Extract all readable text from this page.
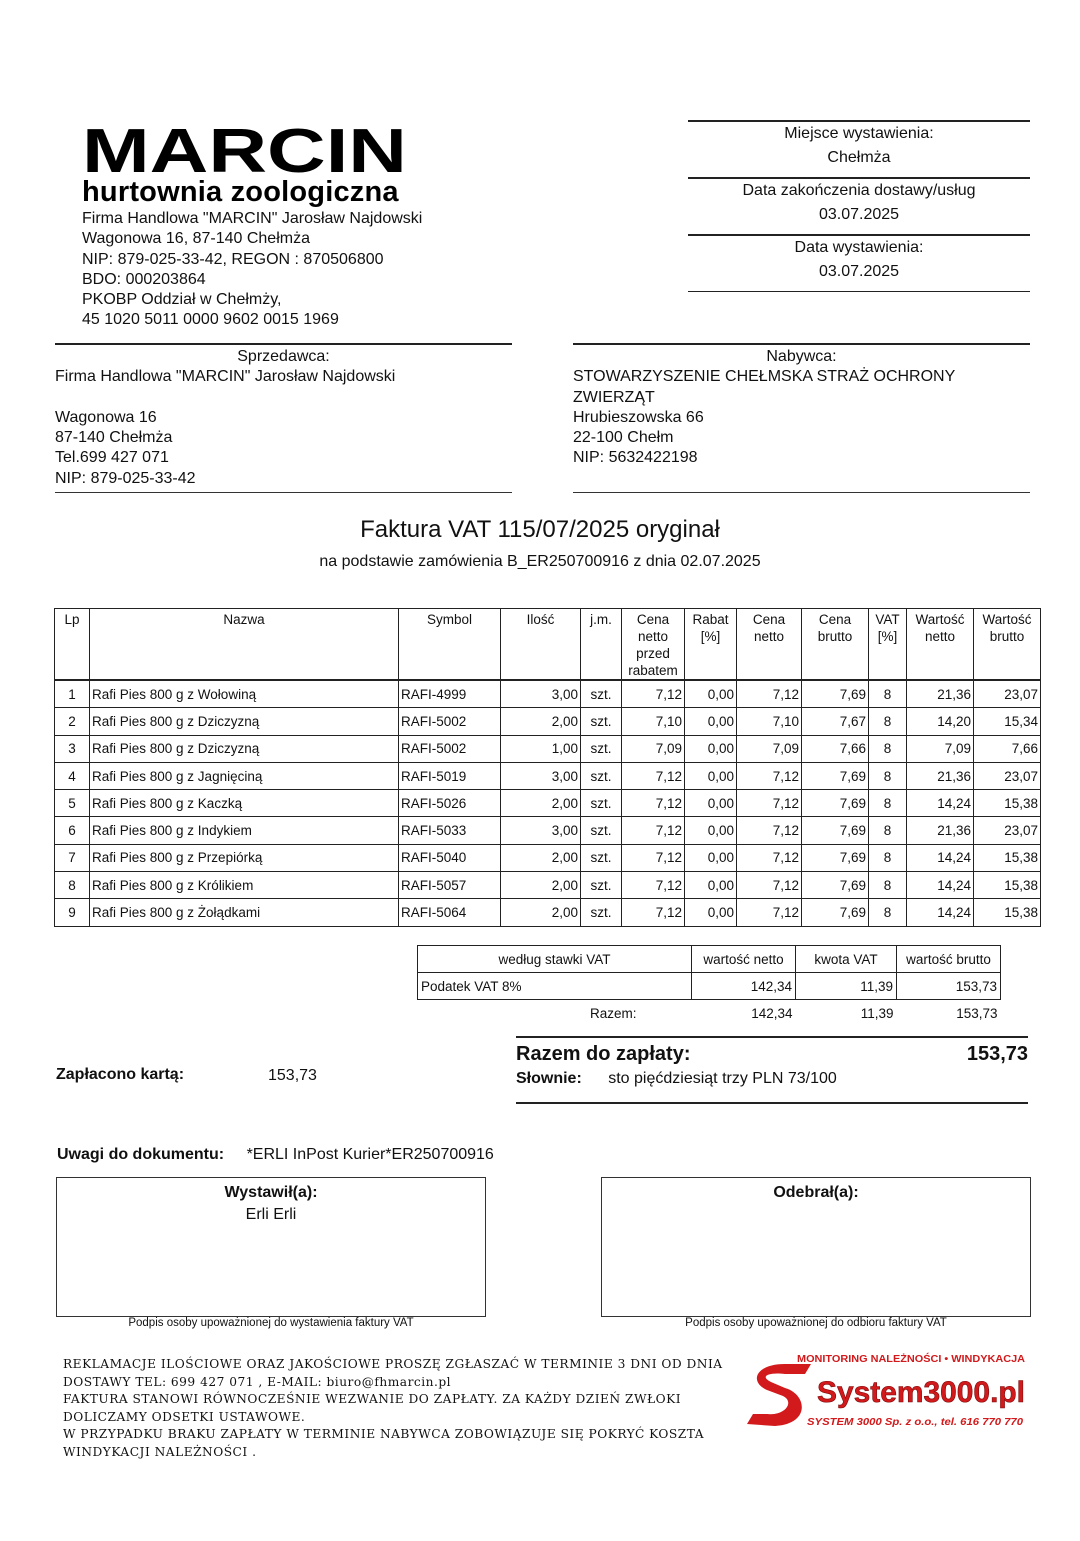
MARCIN
hurtownia zoologiczna
Firma Handlowa "MARCIN" Jarosław Najdowski
Wagonowa 16, 87-140 Chełmża
NIP: 879-025-33-42, REGON : 870506800
BDO: 000203864
PKOBP Oddział w Chełmży,
45 1020 5011 0000 9602 0015 1969
Miejsce wystawienia:
Chełmża
Data zakończenia dostawy/usług
03.07.2025
Data wystawienia:
03.07.2025
Sprzedawca:
Firma Handlowa "MARCIN" Jarosław Najdowski
Wagonowa 16
87-140 Chełmża
Tel.699 427 071
NIP: 879-025-33-42
Nabywca:
STOWARZYSZENIE CHEŁMSKA STRAŻ OCHRONY
ZWIERZĄT
Hrubieszowska 66
22-100 Chełm
NIP: 5632422198
Faktura VAT 115/07/2025 oryginał
na podstawie zamówienia B_ER250700916 z dnia 02.07.2025
Lp	Nazwa	Symbol	Ilość	j.m.	Cena netto przed rabatem	Rabat [%]	Cena netto	Cena brutto	VAT [%]	Wartość netto	Wartość brutto
1	Rafi Pies 800 g z Wołowiną	RAFI-4999	3,00	szt.	7,12	0,00	7,12	7,69	8	21,36	23,07
2	Rafi Pies 800 g z Dziczyzną	RAFI-5002	2,00	szt.	7,10	0,00	7,10	7,67	8	14,20	15,34
3	Rafi Pies 800 g z Dziczyzną	RAFI-5002	1,00	szt.	7,09	0,00	7,09	7,66	8	7,09	7,66
4	Rafi Pies 800 g z Jagnięciną	RAFI-5019	3,00	szt.	7,12	0,00	7,12	7,69	8	21,36	23,07
5	Rafi Pies 800 g z Kaczką	RAFI-5026	2,00	szt.	7,12	0,00	7,12	7,69	8	14,24	15,38
6	Rafi Pies 800 g z Indykiem	RAFI-5033	3,00	szt.	7,12	0,00	7,12	7,69	8	21,36	23,07
7	Rafi Pies 800 g z Przepiórką	RAFI-5040	2,00	szt.	7,12	0,00	7,12	7,69	8	14,24	15,38
8	Rafi Pies 800 g z Królikiem	RAFI-5057	2,00	szt.	7,12	0,00	7,12	7,69	8	14,24	15,38
9	Rafi Pies 800 g z Żołądkami	RAFI-5064	2,00	szt.	7,12	0,00	7,12	7,69	8	14,24	15,38
według stawki VAT	wartość netto	kwota VAT	wartość brutto
Podatek VAT 8%	142,34	11,39	153,73
Razem:	142,34	11,39	153,73
Zapłacono kartą:	153,73
Razem do zapłaty:	153,73
Słownie: sto pięćdziesiąt trzy PLN 73/100
Uwagi do dokumentu: *ERLI InPost Kurier*ER250700916
Wystawił(a):
Erli Erli
Odebrał(a):
Podpis osoby upoważnionej do wystawienia faktury VAT	Podpis osoby upoważnionej do odbioru faktury VAT
REKLAMACJE ILOŚCIOWE ORAZ JAKOŚCIOWE PROSZĘ ZGŁASZAĆ W TERMINIE 3 DNI OD DNIA
DOSTAWY TEL: 699 427 071 , E-MAIL: biuro@fhmarcin.pl
FAKTURA STANOWI RÓWNOCZEŚNIE WEZWANIE DO ZAPŁATY. ZA KAŻDY DZIEŃ ZWŁOKI
DOLICZAMY ODSETKI USTAWOWE.
W PRZYPADKU BRAKU ZAPŁATY W TERMINIE NABYWCA ZOBOWIĄZUJE SIĘ POKRYĆ KOSZTA
WINDYKACJI NALEŻNOŚCI .
MONITORING NALEŻNOŚCI • WINDYKACJA
System3000.pl
SYSTEM 3000 Sp. z o.o., tel. 616 770 770
